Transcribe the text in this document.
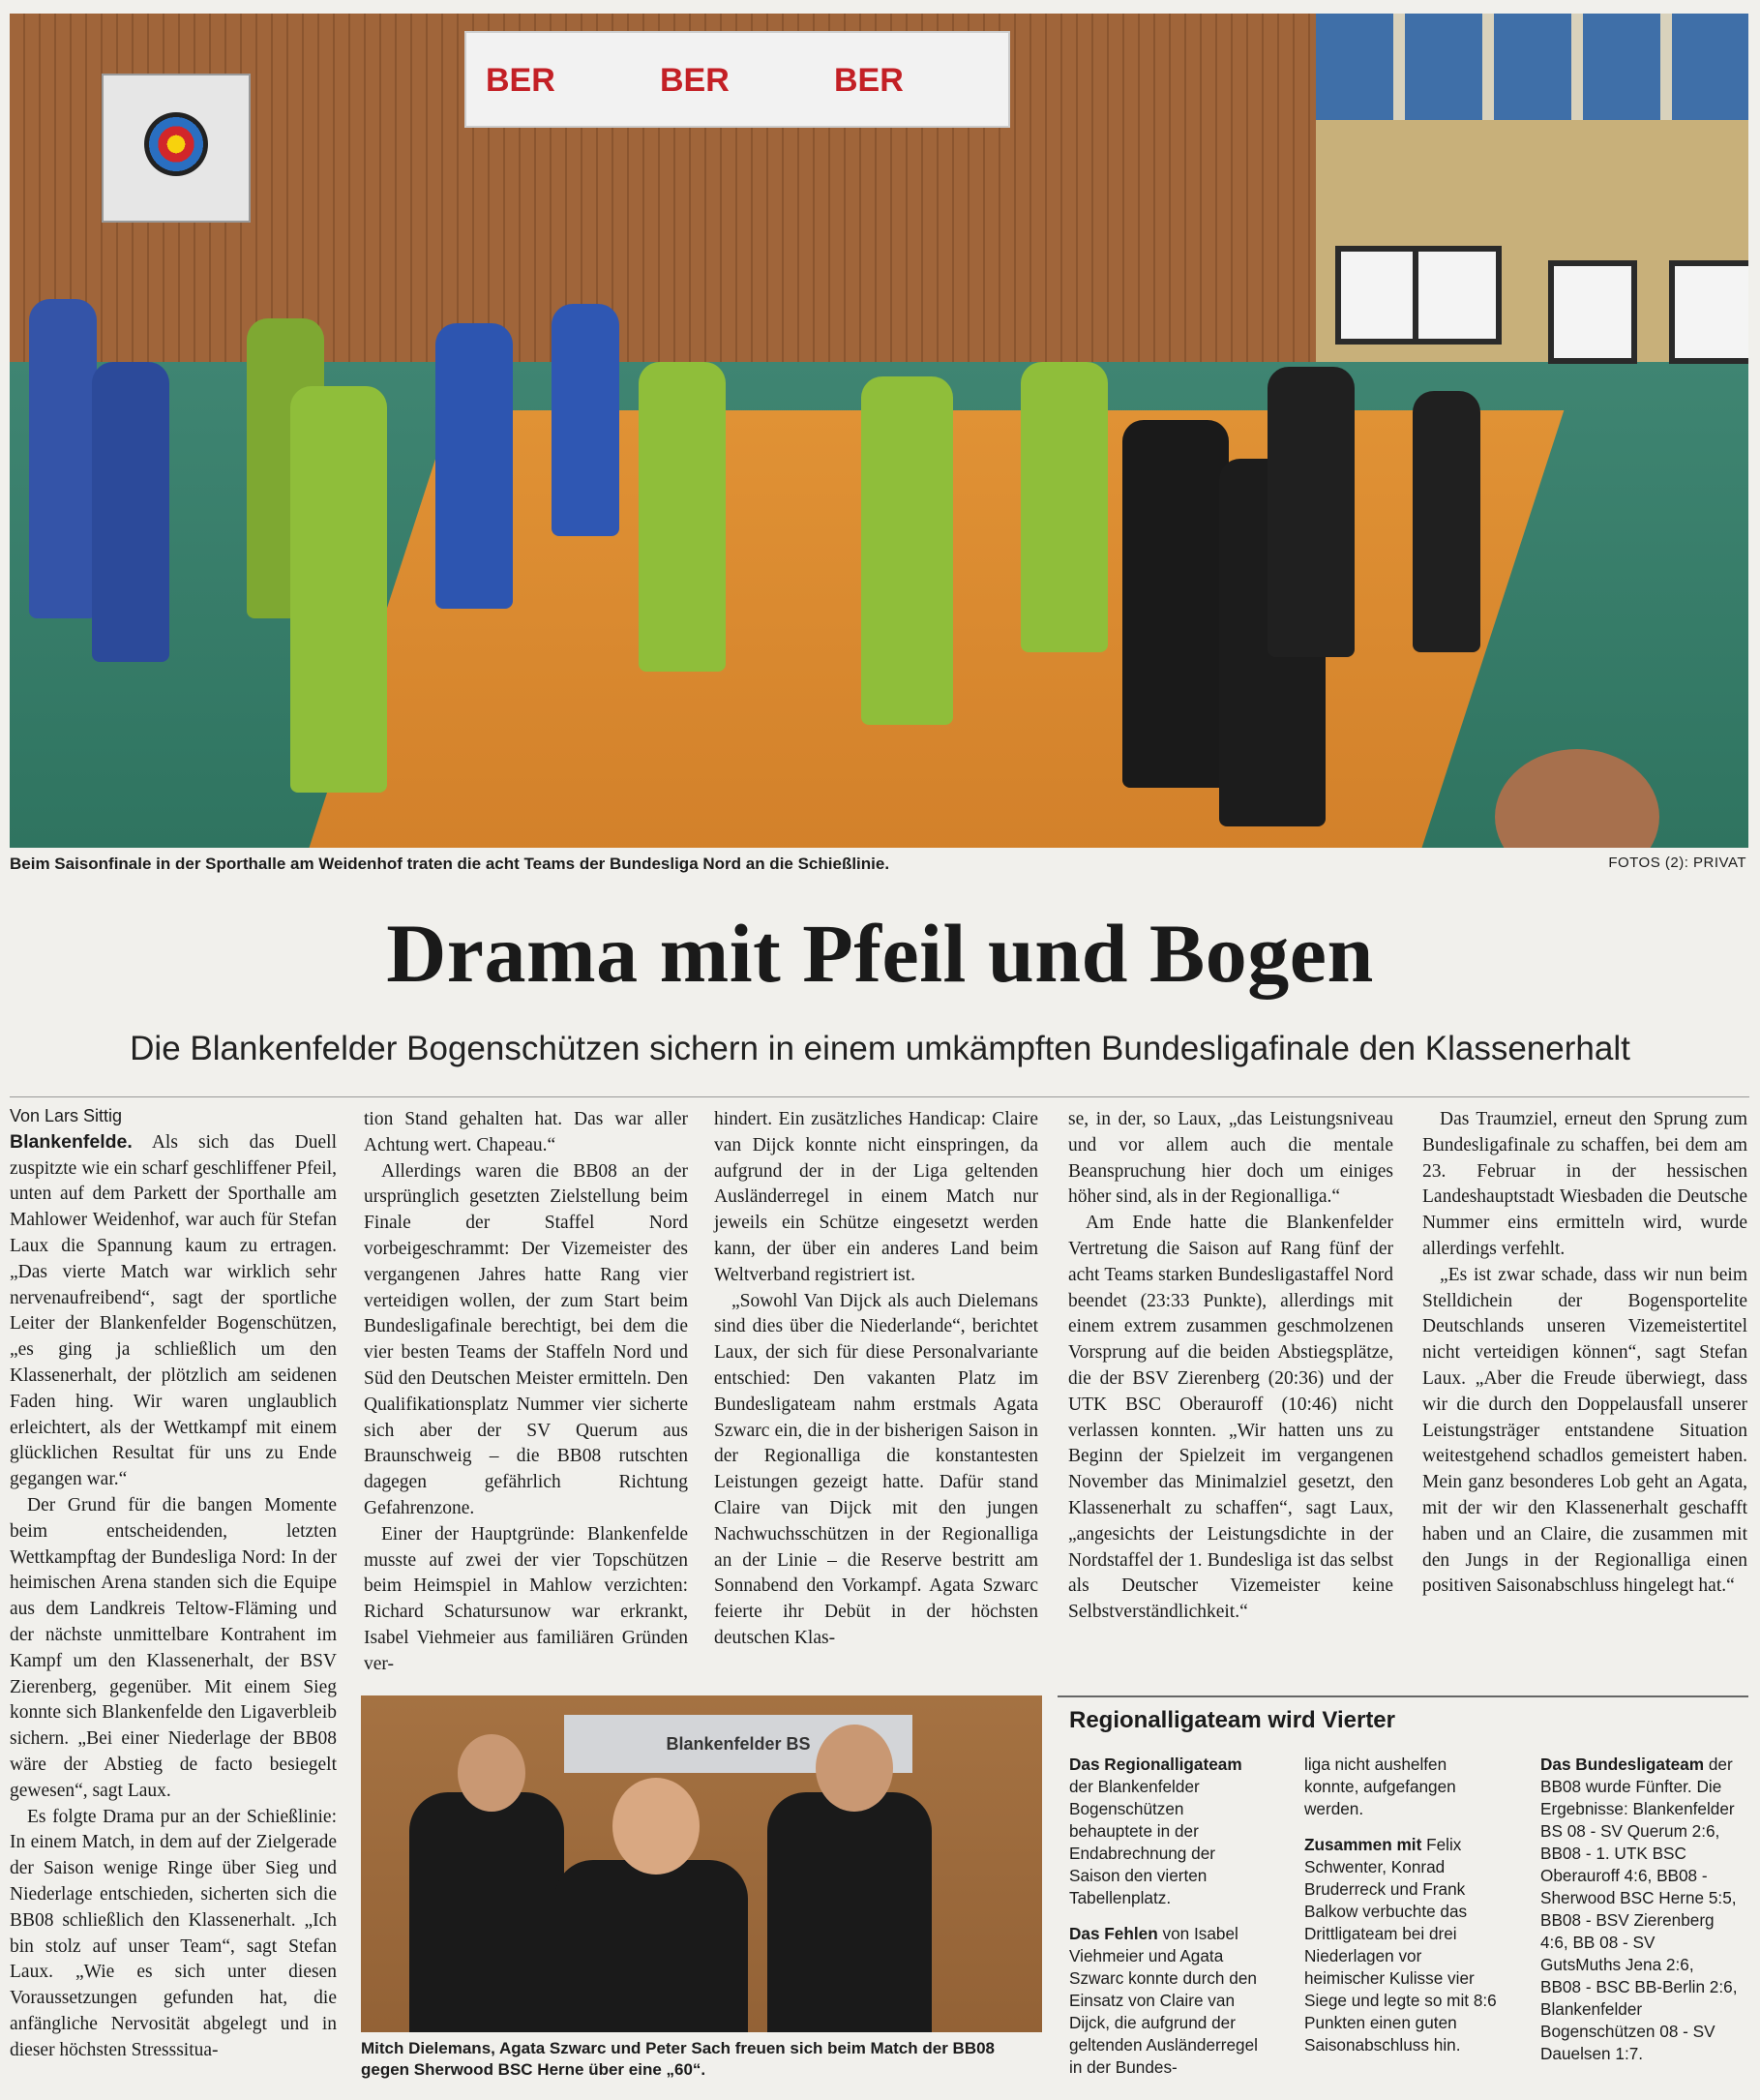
BER	BER	BER
Beim Saisonfinale in der Sporthalle am Weidenhof traten die acht Teams der Bundesliga Nord an die Schießlinie.	FOTOS (2): PRIVAT
Drama mit Pfeil und Bogen
Die Blankenfelder Bogenschützen sichern in einem umkämpften Bundesligafinale den Klassenerhalt

Von Lars Sittig

Blankenfelde. Als sich das Duell zuspitzte wie ein scharf geschliffener Pfeil, unten auf dem Parkett der Sporthalle am Mahlower Weidenhof, war auch für Stefan Laux die Spannung kaum zu ertragen. „Das vierte Match war wirklich sehr nervenaufreibend“, sagt der sportliche Leiter der Blankenfelder Bogenschützen, „es ging ja schließlich um den Klassenerhalt, der plötzlich am seidenen Faden hing. Wir waren unglaublich erleichtert, als der Wettkampf mit einem glücklichen Resultat für uns zu Ende gegangen war.“

Der Grund für die bangen Momente beim entscheidenden, letzten Wettkampftag der Bundesliga Nord: In der heimischen Arena standen sich die Equipe aus dem Landkreis Teltow-Fläming und der nächste unmittelbare Kontrahent im Kampf um den Klassenerhalt, der BSV Zierenberg, gegenüber. Mit einem Sieg konnte sich Blankenfelde den Ligaverbleib sichern. „Bei einer Niederlage der BB08 wäre der Abstieg de facto besiegelt gewesen“, sagt Laux.

Es folgte Drama pur an der Schießlinie: In einem Match, in dem auf der Zielgerade der Saison wenige Ringe über Sieg und Niederlage entschieden, sicherten sich die BB08 schließlich den Klassenerhalt. „Ich bin stolz auf unser Team“, sagt Stefan Laux. „Wie es sich unter diesen Voraussetzungen gefunden hat, die anfängliche Nervosität abgelegt und in dieser höchsten Stresssitua-

tion Stand gehalten hat. Das war aller Achtung wert. Chapeau.“

Allerdings waren die BB08 an der ursprünglich gesetzten Zielstellung beim Finale der Staffel Nord vorbeigeschrammt: Der Vizemeister des vergangenen Jahres hatte Rang vier verteidigen wollen, der zum Start beim Bundesligafinale berechtigt, bei dem die vier besten Teams der Staffeln Nord und Süd den Deutschen Meister ermitteln. Den Qualifikationsplatz Nummer vier sicherte sich aber der SV Querum aus Braunschweig – die BB08 rutschten dagegen gefährlich Richtung Gefahrenzone.

Einer der Hauptgründe: Blankenfelde musste auf zwei der vier Topschützen beim Heimspiel in Mahlow verzichten: Richard Schatursunow war erkrankt, Isabel Viehmeier aus familiären Gründen ver-

hindert. Ein zusätzliches Handicap: Claire van Dijck konnte nicht einspringen, da aufgrund der in der Liga geltenden Ausländerregel in einem Match nur jeweils ein Schütze eingesetzt werden kann, der über ein anderes Land beim Weltverband registriert ist.

„Sowohl Van Dijck als auch Dielemans sind dies über die Niederlande“, berichtet Laux, der sich für diese Personalvariante entschied: Den vakanten Platz im Bundesligateam nahm erstmals Agata Szwarc ein, die in der bisherigen Saison in der Regionalliga die konstantesten Leistungen gezeigt hatte. Dafür stand Claire van Dijck mit den jungen Nachwuchsschützen in der Regionalliga an der Linie – die Reserve bestritt am Sonnabend den Vorkampf. Agata Szwarc feierte ihr Debüt in der höchsten deutschen Klas-

se, in der, so Laux, „das Leistungsniveau und vor allem auch die mentale Beanspruchung hier doch um einiges höher sind, als in der Regionalliga.“

Am Ende hatte die Blankenfelder Vertretung die Saison auf Rang fünf der acht Teams starken Bundesligastaffel Nord beendet (23:33 Punkte), allerdings mit einem extrem zusammen geschmolzenen Vorsprung auf die beiden Abstiegsplätze, die der BSV Zierenberg (20:36) und der UTK BSC Oberauroff (10:46) nicht verlassen konnten. „Wir hatten uns zu Beginn der Spielzeit im vergangenen November das Minimalziel gesetzt, den Klassenerhalt zu schaffen“, sagt Laux, „angesichts der Leistungsdichte in der Nordstaffel der 1. Bundesliga ist das selbst als Deutscher Vizemeister keine Selbstverständlichkeit.“

Das Traumziel, erneut den Sprung zum Bundesligafinale zu schaffen, bei dem am 23. Februar in der hessischen Landeshauptstadt Wiesbaden die Deutsche Nummer eins ermitteln wird, wurde allerdings verfehlt.

„Es ist zwar schade, dass wir nun beim Stelldichein der Bogensportelite Deutschlands unseren Vizemeistertitel nicht verteidigen können“, sagt Stefan Laux. „Aber die Freude überwiegt, dass wir die durch den Doppelausfall unserer Leistungsträger entstandene Situation weitestgehend schadlos gemeistert haben. Mein ganz besonderes Lob geht an Agata, mit der wir den Klassenerhalt geschafft haben und an Claire, die zusammen mit den Jungs in der Regionalliga einen positiven Saisonabschluss hingelegt hat.“

Blankenfelder BS
Mitch Dielemans, Agata Szwarc und Peter Sach freuen sich beim Match der BB08 gegen Sherwood BSC Herne über eine „60“.
Regionalligateam wird Vierter

Das Regionalligateam der Blankenfelder Bogenschützen behauptete in der Endabrechnung der Saison den vierten Tabellenplatz.

Das Fehlen von Isabel Viehmeier und Agata Szwarc konnte durch den Einsatz von Claire van Dijck, die aufgrund der geltenden Ausländerregel in der Bundes-

liga nicht aushelfen konnte, aufgefangen werden.

Zusammen mit Felix Schwenter, Konrad Bruderreck und Frank Balkow verbuchte das Drittligateam bei drei Niederlagen vor heimischer Kulisse vier Siege und legte so mit 8:6 Punkten einen guten Saisonabschluss hin.

Das Bundesligateam der BB08 wurde Fünfter. Die Ergebnisse: Blankenfelder BS 08 - SV Querum 2:6, BB08 - 1. UTK BSC Oberauroff 4:6, BB08 - Sherwood BSC Herne 5:5, BB08 - BSV Zierenberg 4:6, BB 08 - SV GutsMuths Jena 2:6, BB08 - BSC BB-Berlin 2:6, Blankenfelder Bogenschützen 08 - SV Dauelsen 1:7.
